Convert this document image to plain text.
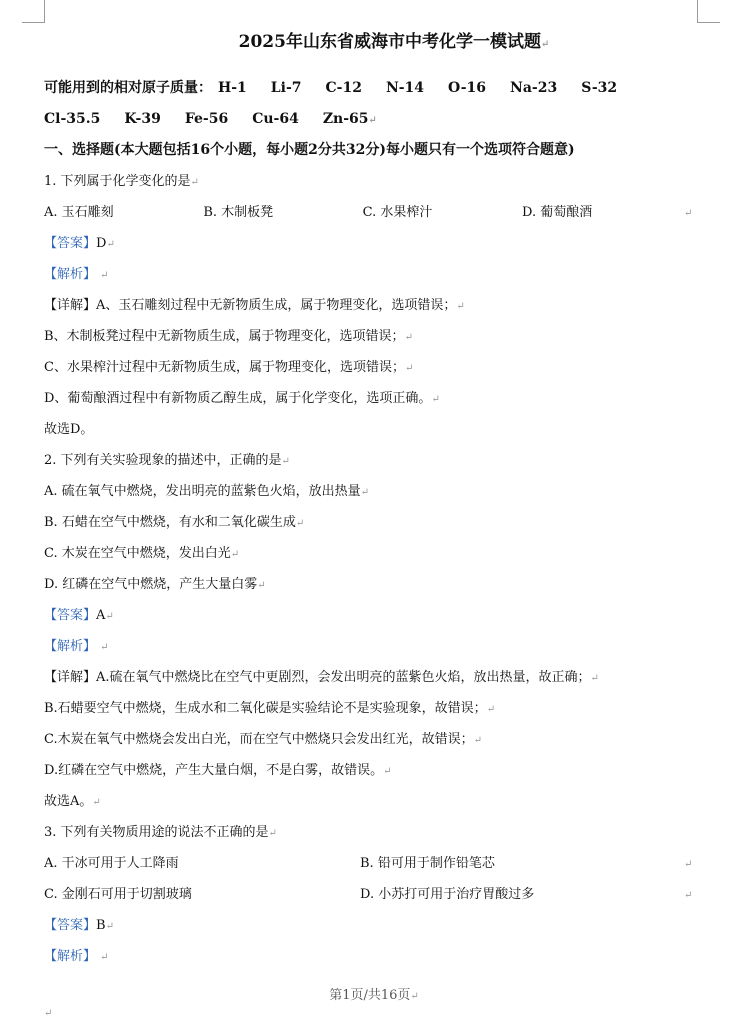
2025年山东省威海市中考化学一模试题↵
可能用到的相对原子质量： H-1 Li-7 C-12 N-14 O-16 Na-23 S-32
Cl-35.5 K-39 Fe-56 Cu-64 Zn-65↵
一、选择题(本大题包括16个小题，每小题2分共32分)每小题只有一个选项符合题意)
1. 下列属于化学变化的是↵
A. 玉石雕刻	B. 木制板凳	C. 水果榨汁	D. 葡萄酿酒	↵
【答案】D↵
【解析】 ↵
【详解】A、玉石雕刻过程中无新物质生成，属于物理变化，选项错误；↵
B、木制板凳过程中无新物质生成，属于物理变化，选项错误；↵
C、水果榨汁过程中无新物质生成，属于物理变化，选项错误；↵
D、葡萄酿酒过程中有新物质乙醇生成，属于化学变化，选项正确。↵
故选D。
2. 下列有关实验现象的描述中，正确的是↵
A. 硫在氧气中燃烧，发出明亮的蓝紫色火焰，放出热量↵
B. 石蜡在空气中燃烧，有水和二氧化碳生成↵
C. 木炭在空气中燃烧，发出白光↵
D. 红磷在空气中燃烧，产生大量白雾↵
【答案】A↵
【解析】 ↵
【详解】A.硫在氧气中燃烧比在空气中更剧烈，会发出明亮的蓝紫色火焰，放出热量，故正确；↵
B.石蜡要空气中燃烧，生成水和二氧化碳是实验结论不是实验现象，故错误；↵
C.木炭在氧气中燃烧会发出白光，而在空气中燃烧只会发出红光，故错误；↵
D.红磷在空气中燃烧，产生大量白烟，不是白雾，故错误。↵
故选A。↵
3. 下列有关物质用途的说法不正确的是↵
A. 干冰可用于人工降雨	B. 铅可用于制作铅笔芯	↵
C. 金刚石可用于切割玻璃	D. 小苏打可用于治疗胃酸过多	↵
【答案】B↵
【解析】 ↵
第1页/共16页↵
↵
